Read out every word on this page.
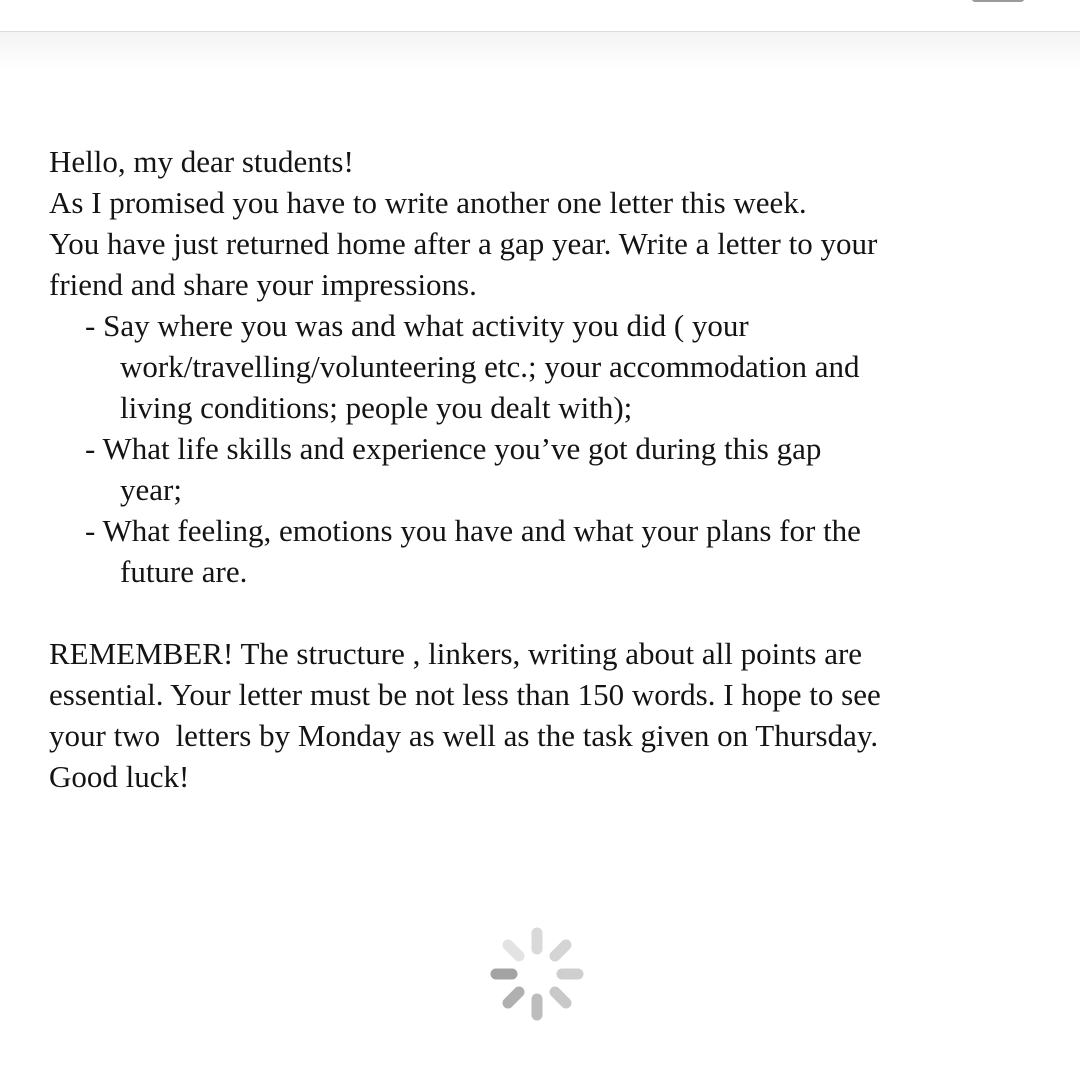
Hello, my dear students!
As I promised you have to write another one letter this week.
You have just returned home after a gap year. Write a letter to your
friend and share your impressions.
- Say where you was and what activity you did ( your
work/travelling/volunteering etc.; your accommodation and
living conditions; people you dealt with);
- What life skills and experience you’ve got during this gap
year;
- What feeling, emotions you have and what your plans for the
future are.
REMEMBER! The structure , linkers, writing about all points are
essential. Your letter must be not less than 150 words. I hope to see
your two  letters by Monday as well as the task given on Thursday.
Good luck!
